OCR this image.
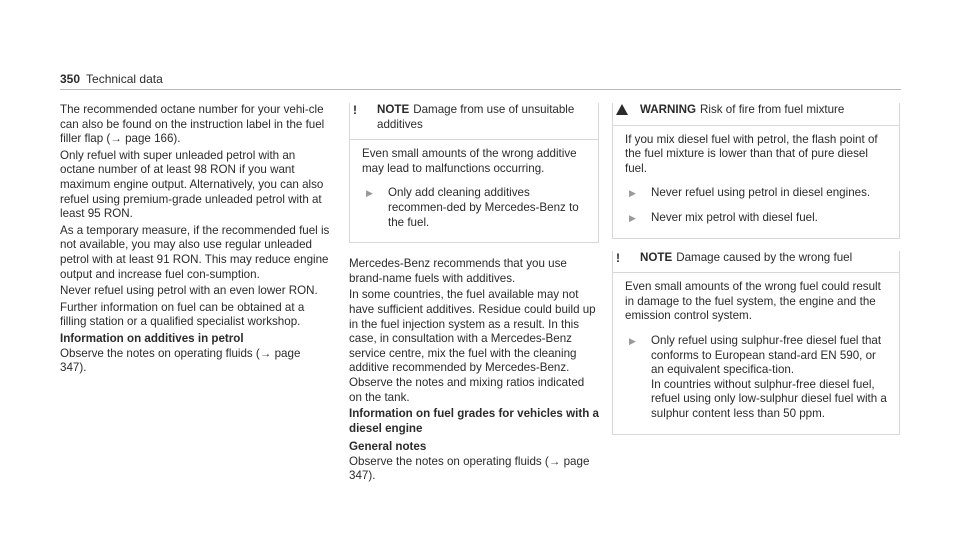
350 Technical data

The recommended octane number for your vehi-cle can also be found on the instruction label in the fuel filler flap (→ page 166).

Only refuel with super unleaded petrol with an octane number of at least 98 RON if you want maximum engine output. Alternatively, you can also refuel using premium-grade unleaded petrol with at least 95 RON.

As a temporary measure, if the recommended fuel is not available, you may also use regular unleaded petrol with at least 91 RON. This may reduce engine output and increase fuel con-sumption.

Never refuel using petrol with an even lower RON.

Further information on fuel can be obtained at a filling station or a qualified specialist workshop.

Information on additives in petrol

Observe the notes on operating fluids (→ page 347).

!	NOTE Damage from use of unsuitable additives

Even small amounts of the wrong additive may lead to malfunctions occurring.

▶	Only add cleaning additives recommen-ded by Mercedes-Benz to the fuel.

Mercedes-Benz recommends that you use brand-name fuels with additives.

In some countries, the fuel available may not have sufficient additives. Residue could build up in the fuel injection system as a result. In this case, in consultation with a Mercedes-Benz service centre, mix the fuel with the cleaning additive recommended by Mercedes-Benz. Observe the notes and mixing ratios indicated on the tank.

Information on fuel grades for vehicles with a diesel engine

General notes

Observe the notes on operating fluids (→ page 347).

WARNING Risk of fire from fuel mixture

If you mix diesel fuel with petrol, the flash point of the fuel mixture is lower than that of pure diesel fuel.

▶	Never refuel using petrol in diesel engines.
▶	Never mix petrol with diesel fuel.
!	NOTE Damage caused by the wrong fuel

Even small amounts of the wrong fuel could result in damage to the fuel system, the engine and the emission control system.

▶	Only refuel using sulphur-free diesel fuel that conforms to European stand-ard EN 590, or an equivalent specifica-tion.
In countries without sulphur-free diesel fuel, refuel using only low-sulphur diesel fuel with a sulphur content less than 50 ppm.
